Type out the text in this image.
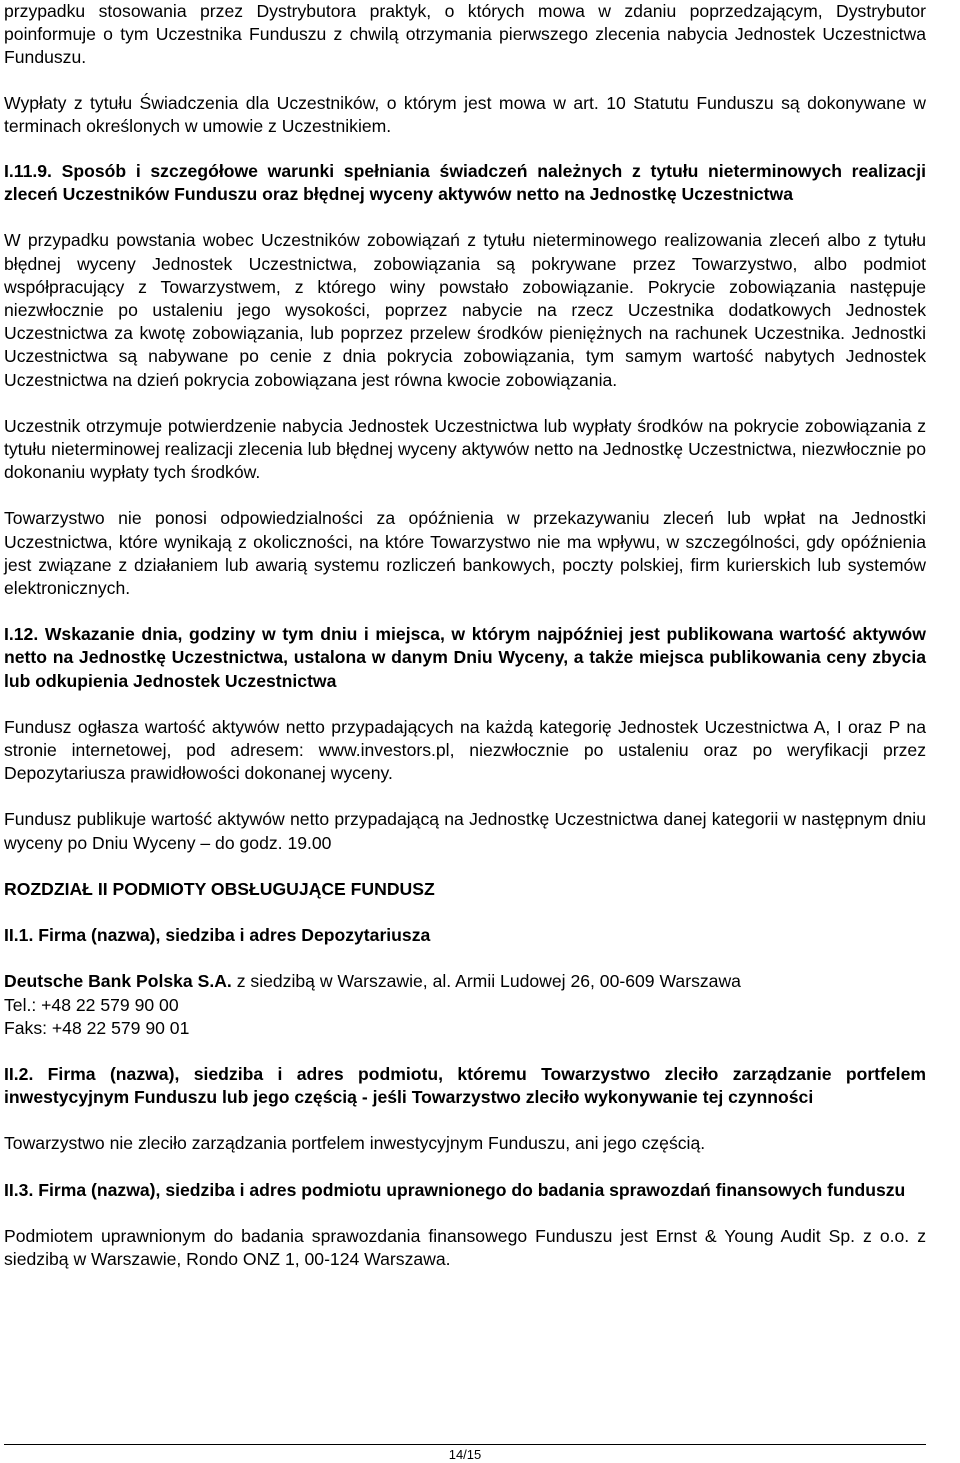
przypadku stosowania przez Dystrybutora praktyk, o których mowa w zdaniu poprzedzającym, Dystrybutor poinformuje o tym Uczestnika Funduszu z chwilą otrzymania pierwszego zlecenia nabycia Jednostek Uczestnictwa Funduszu.

Wypłaty z tytułu Świadczenia dla Uczestników, o którym jest mowa w art. 10 Statutu Funduszu są dokonywane w terminach określonych w umowie z Uczestnikiem.

I.11.9. Sposób i szczegółowe warunki spełniania świadczeń należnych z tytułu nieterminowych realizacji zleceń Uczestników Funduszu oraz błędnej wyceny aktywów netto na Jednostkę Uczestnictwa

W przypadku powstania wobec Uczestników zobowiązań z tytułu nieterminowego realizowania zleceń albo z tytułu błędnej wyceny Jednostek Uczestnictwa, zobowiązania są pokrywane przez Towarzystwo, albo podmiot współpracujący z Towarzystwem, z którego winy powstało zobowiązanie. Pokrycie zobowiązania następuje niezwłocznie po ustaleniu jego wysokości, poprzez nabycie na rzecz Uczestnika dodatkowych Jednostek Uczestnictwa za kwotę zobowiązania, lub poprzez przelew środków pieniężnych na rachunek Uczestnika. Jednostki Uczestnictwa są nabywane po cenie z dnia pokrycia zobowiązania, tym samym wartość nabytych Jednostek Uczestnictwa na dzień pokrycia zobowiązana jest równa kwocie zobowiązania.

Uczestnik otrzymuje potwierdzenie nabycia Jednostek Uczestnictwa lub wypłaty środków na pokrycie zobowiązania z tytułu nieterminowej realizacji zlecenia lub błędnej wyceny aktywów netto na Jednostkę Uczestnictwa, niezwłocznie po dokonaniu wypłaty tych środków.

Towarzystwo nie ponosi odpowiedzialności za opóźnienia w przekazywaniu zleceń lub wpłat na Jednostki Uczestnictwa, które wynikają z okoliczności, na które Towarzystwo nie ma wpływu, w szczególności, gdy opóźnienia jest związane z działaniem lub awarią systemu rozliczeń bankowych, poczty polskiej, firm kurierskich lub systemów elektronicznych.

I.12. Wskazanie dnia, godziny w tym dniu i miejsca, w którym najpóźniej jest publikowana wartość aktywów netto na Jednostkę Uczestnictwa, ustalona w danym Dniu Wyceny, a także miejsca publikowania ceny zbycia lub odkupienia Jednostek Uczestnictwa

Fundusz ogłasza wartość aktywów netto przypadających na każdą kategorię Jednostek Uczestnictwa A, I oraz P na stronie internetowej, pod adresem: www.investors.pl, niezwłocznie po ustaleniu oraz po weryfikacji przez Depozytariusza prawidłowości dokonanej wyceny.

Fundusz publikuje wartość aktywów netto przypadającą na Jednostkę Uczestnictwa danej kategorii w następnym dniu wyceny po Dniu Wyceny – do godz. 19.00

ROZDZIAŁ II PODMIOTY OBSŁUGUJĄCE FUNDUSZ

II.1. Firma (nazwa), siedziba i adres Depozytariusza

Deutsche Bank Polska S.A. z siedzibą w Warszawie, al. Armii Ludowej 26, 00-609 Warszawa

Tel.: +48 22 579 90 00

Faks: +48 22 579 90 01

II.2. Firma (nazwa), siedziba i adres podmiotu, któremu Towarzystwo zleciło zarządzanie portfelem inwestycyjnym Funduszu lub jego częścią - jeśli Towarzystwo zleciło wykonywanie tej czynności

Towarzystwo nie zleciło zarządzania portfelem inwestycyjnym Funduszu, ani jego częścią.

II.3. Firma (nazwa), siedziba i adres podmiotu uprawnionego do badania sprawozdań finansowych funduszu

Podmiotem uprawnionym do badania sprawozdania finansowego Funduszu jest Ernst & Young Audit Sp. z o.o. z siedzibą w Warszawie, Rondo ONZ 1, 00-124 Warszawa.

14/15
